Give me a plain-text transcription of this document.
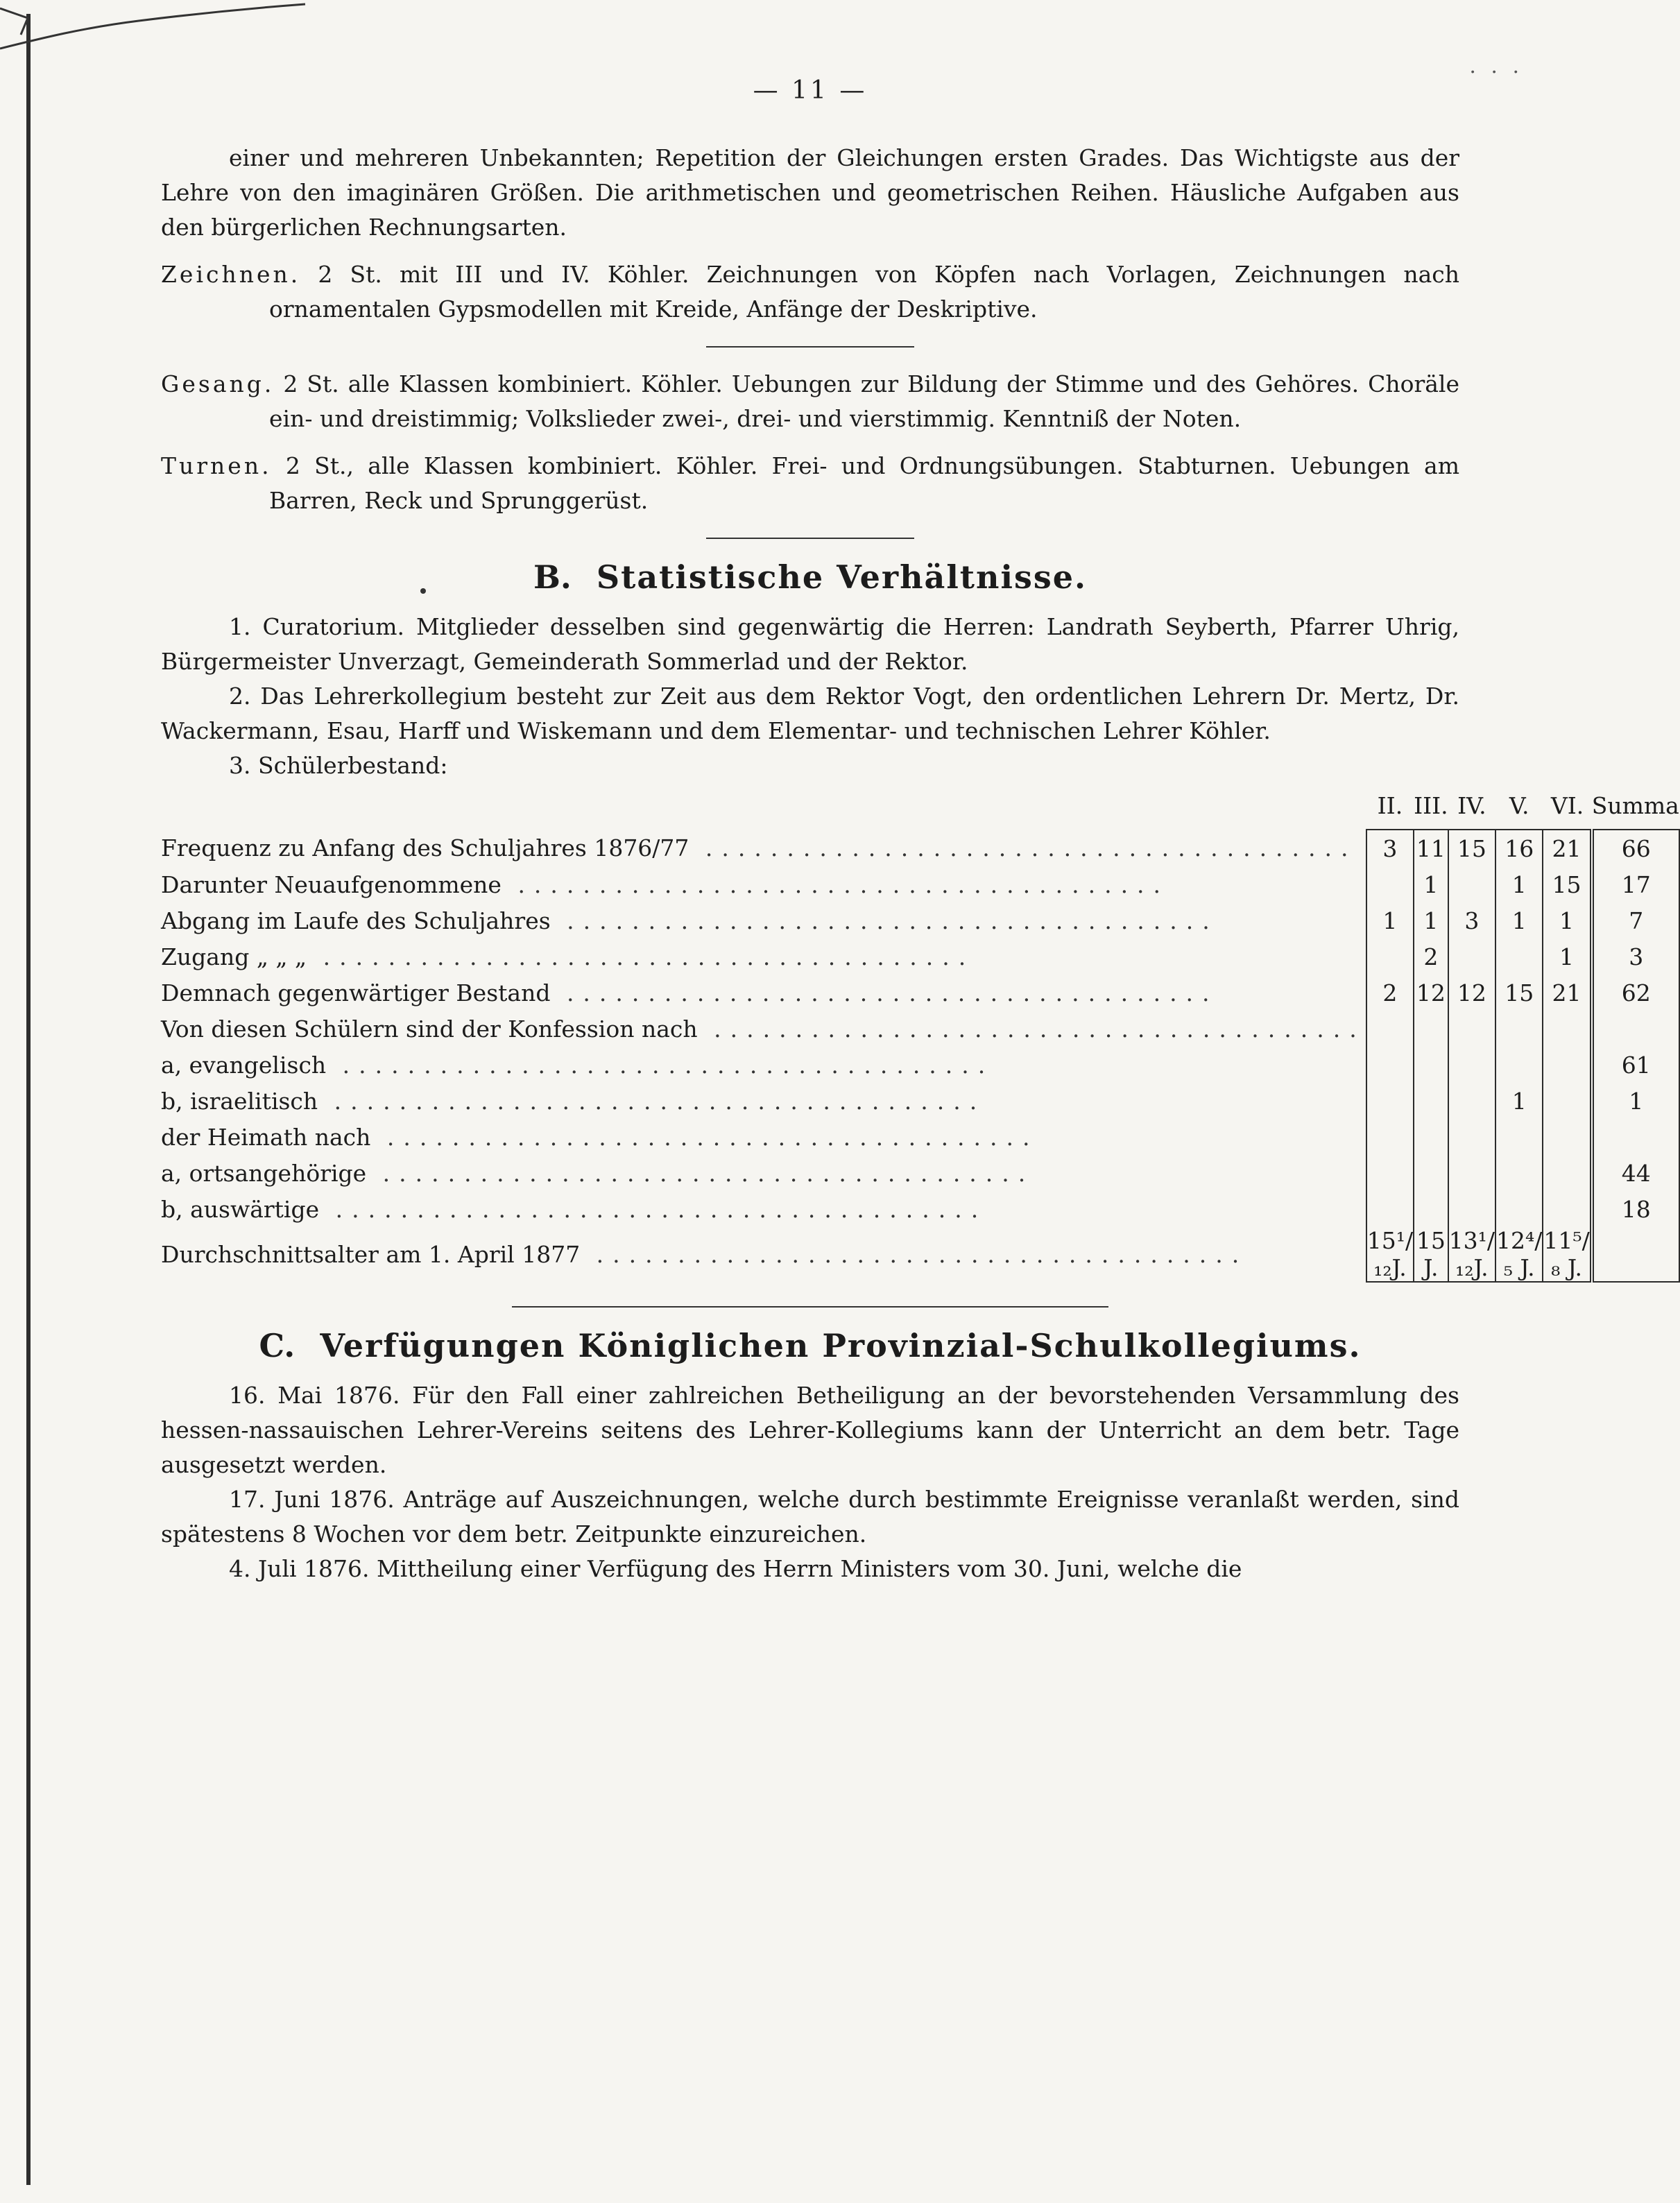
. . .
— 11 —

einer und mehreren Unbekannten; Repetition der Gleichungen ersten Grades. Das Wichtigste aus der Lehre von den imaginären Größen. Die arithmetischen und geometrischen Reihen. Häusliche Aufgaben aus den bürgerlichen Rechnungsarten.

Zeichnen. 2 St. mit III und IV. Köhler. Zeichnungen von Köpfen nach Vorlagen, Zeichnungen nach ornamentalen Gypsmodellen mit Kreide, Anfänge der Deskriptive.

Gesang. 2 St. alle Klassen kombiniert. Köhler. Uebungen zur Bildung der Stimme und des Gehöres. Choräle ein- und dreistimmig; Volkslieder zwei-, drei- und vierstimmig. Kenntniß der Noten.

Turnen. 2 St., alle Klassen kombiniert. Köhler. Frei- und Ordnungsübungen. Stabturnen. Uebungen am Barren, Reck und Sprunggerüst.

B. Statistische Verhältnisse.

1. Curatorium. Mitglieder desselben sind gegenwärtig die Herren: Landrath Seyberth, Pfarrer Uhrig, Bürgermeister Unverzagt, Gemeinderath Sommerlad und der Rektor.

2. Das Lehrerkollegium besteht zur Zeit aus dem Rektor Vogt, den ordentlichen Lehrern Dr. Mertz, Dr. Wackermann, Esau, Harff und Wiskemann und dem Elementar- und technischen Lehrer Köhler.

3. Schülerbestand:

	II.	III.	IV.	V.	VI.	Summa
Frequenz zu Anfang des Schuljahres 1876/77 ........................................	3	11	15	16	21	66
Darunter Neuaufgenommene ........................................		1		1	15	17
Abgang im Laufe des Schuljahres ........................................	1	1	3	1	1	7
Zugang „ „ „ ........................................		2			1	3
Demnach gegenwärtiger Bestand ........................................	2	12	12	15	21	62
Von diesen Schülern sind der Konfession nach ........................................						
a, evangelisch ........................................						61
b, israelitisch ........................................				1		1
der Heimath nach ........................................						
a, ortsangehörige ........................................						44
b, auswärtige ........................................						18
Durchschnittsalter am 1. April 1877 ........................................	15¹/₁₂J.	15 J.	13¹/₁₂J.	12⁴/₅ J.	11⁵/₈ J.	
C. Verfügungen Königlichen Provinzial-Schulkollegiums.

16. Mai 1876. Für den Fall einer zahlreichen Betheiligung an der bevorstehenden Versammlung des hessen-nassauischen Lehrer-Vereins seitens des Lehrer-Kollegiums kann der Unterricht an dem betr. Tage ausgesetzt werden.

17. Juni 1876. Anträge auf Auszeichnungen, welche durch bestimmte Ereignisse veranlaßt werden, sind spätestens 8 Wochen vor dem betr. Zeitpunkte einzureichen.

4. Juli 1876. Mittheilung einer Verfügung des Herrn Ministers vom 30. Juni, welche die
